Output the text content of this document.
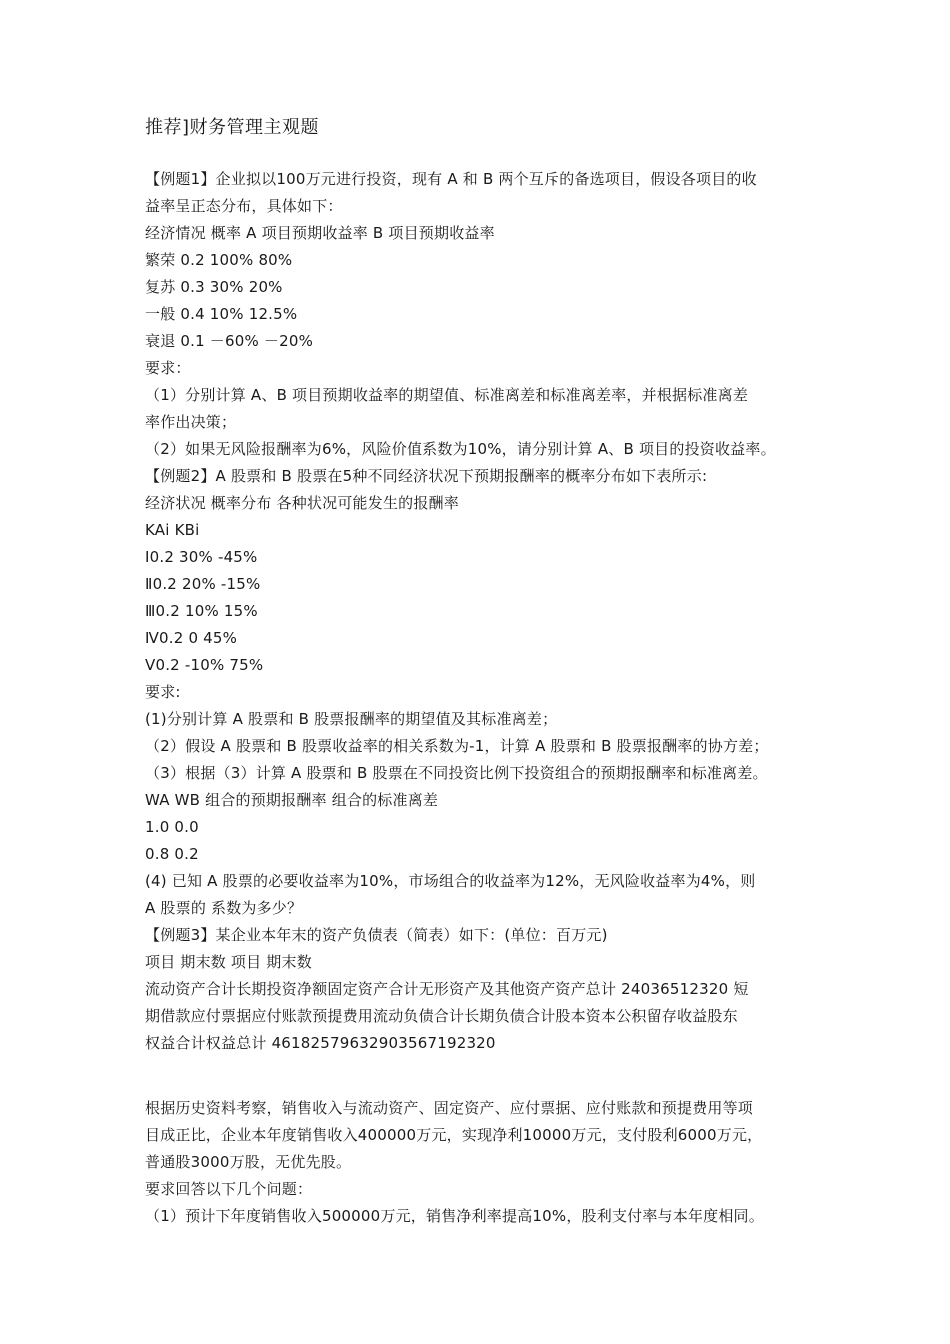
推荐]财务管理主观题
【例题1】企业拟以100万元进行投资，现有 A 和 B 两个互斥的备选项目，假设各项目的收
益率呈正态分布，具体如下：
经济情况 概率 A 项目预期收益率 B 项目预期收益率
繁荣 0.2 100% 80%
复苏 0.3 30% 20%
一般 0.4 10% 12.5%
衰退 0.1 －60% －20%
要求：
（1）分别计算 A、B 项目预期收益率的期望值、标准离差和标准离差率，并根据标准离差
率作出决策；
（2）如果无风险报酬率为6%，风险价值系数为10%，请分别计算 A、B 项目的投资收益率。
【例题2】A 股票和 B 股票在5种不同经济状况下预期报酬率的概率分布如下表所示:
经济状况 概率分布 各种状况可能发生的报酬率
KAi KBi
Ⅰ0.2 30% -45%
Ⅱ0.2 20% -15%
Ⅲ0.2 10% 15%
Ⅳ0.2 0 45%
Ⅴ0.2 -10% 75%
要求:
(1)分别计算 A 股票和 B 股票报酬率的期望值及其标准离差；
（2）假设 A 股票和 B 股票收益率的相关系数为-1，计算 A 股票和 B 股票报酬率的协方差；
（3）根据（3）计算 A 股票和 B 股票在不同投资比例下投资组合的预期报酬率和标准离差。
WA WB 组合的预期报酬率 组合的标准离差
1.0 0.0
0.8 0.2
(4) 已知 A 股票的必要收益率为10%，市场组合的收益率为12%，无风险收益率为4%，则
A 股票的 系数为多少？
【例题3】某企业本年末的资产负债表（简表）如下：(单位：百万元)
项目 期末数 项目 期末数
流动资产合计长期投资净额固定资产合计无形资产及其他资产资产总计 24036512320 短
期借款应付票据应付账款预提费用流动负债合计长期负债合计股本资本公积留存收益股东
权益合计权益总计 46182579632903567192320
根据历史资料考察，销售收入与流动资产、固定资产、应付票据、应付账款和预提费用等项
目成正比，企业本年度销售收入400000万元，实现净利10000万元，支付股利6000万元，
普通股3000万股，无优先股。
要求回答以下几个问题：
（1）预计下年度销售收入500000万元，销售净利率提高10%，股利支付率与本年度相同。
